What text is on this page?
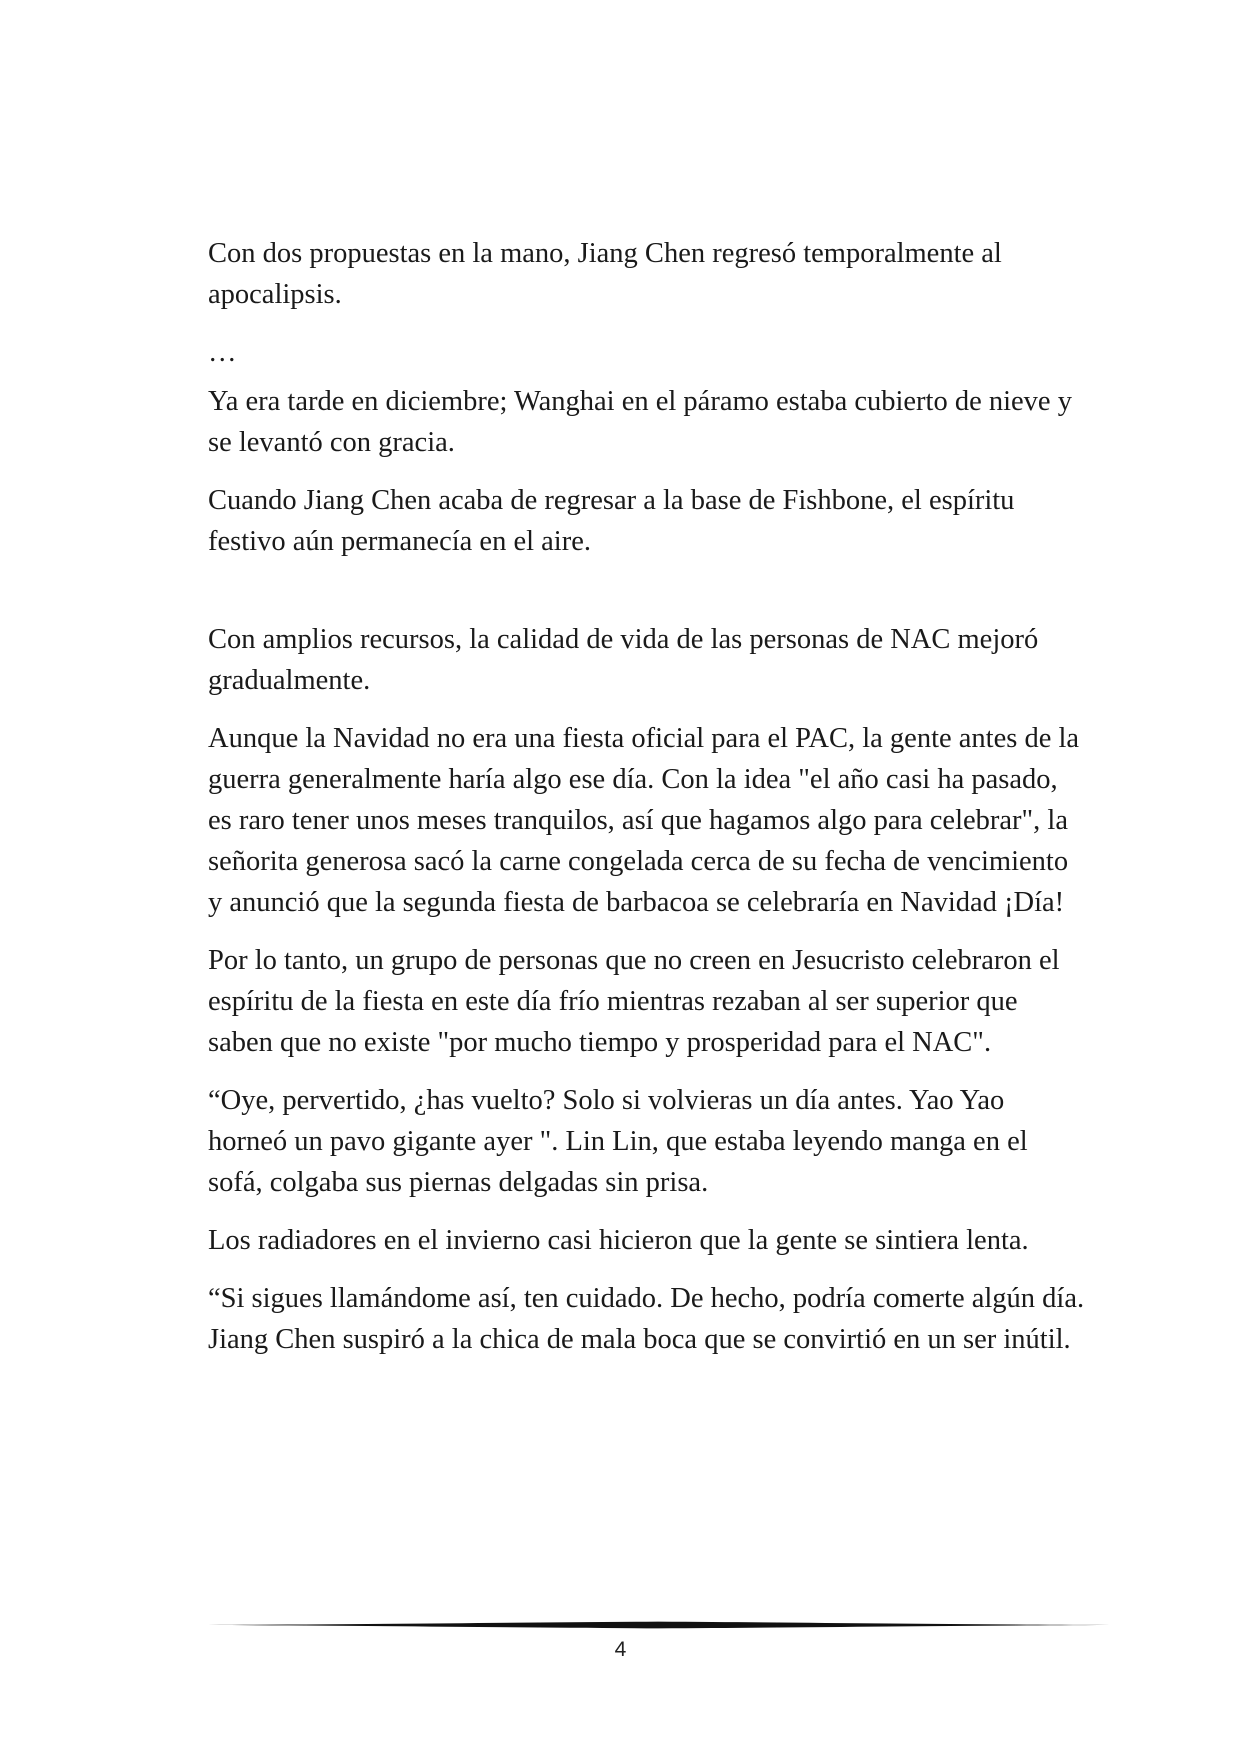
Con dos propuestas en la mano, Jiang Chen regresó temporalmente al apocalipsis.

…

Ya era tarde en diciembre; Wanghai en el páramo estaba cubierto de nieve y se levantó con gracia.

Cuando Jiang Chen acaba de regresar a la base de Fishbone, el espíritu festivo aún permanecía en el aire.

Con amplios recursos, la calidad de vida de las personas de NAC mejoró gradualmente.

Aunque la Navidad no era una fiesta oficial para el PAC, la gente antes de la guerra generalmente haría algo ese día. Con la idea "el año casi ha pasado, es raro tener unos meses tranquilos, así que hagamos algo para celebrar", la señorita generosa sacó la carne congelada cerca de su fecha de vencimiento y anunció que la segunda fiesta de barbacoa se celebraría en Navidad ¡Día!

Por lo tanto, un grupo de personas que no creen en Jesucristo celebraron el espíritu de la fiesta en este día frío mientras rezaban al ser superior que saben que no existe "por mucho tiempo y prosperidad para el NAC".

“Oye, pervertido, ¿has vuelto? Solo si volvieras un día antes. Yao Yao horneó un pavo gigante ayer ". Lin Lin, que estaba leyendo manga en el sofá, colgaba sus piernas delgadas sin prisa.

Los radiadores en el invierno casi hicieron que la gente se sintiera lenta.

“Si sigues llamándome así, ten cuidado. De hecho, podría comerte algún día. Jiang Chen suspiró a la chica de mala boca que se convirtió en un ser inútil.

4
